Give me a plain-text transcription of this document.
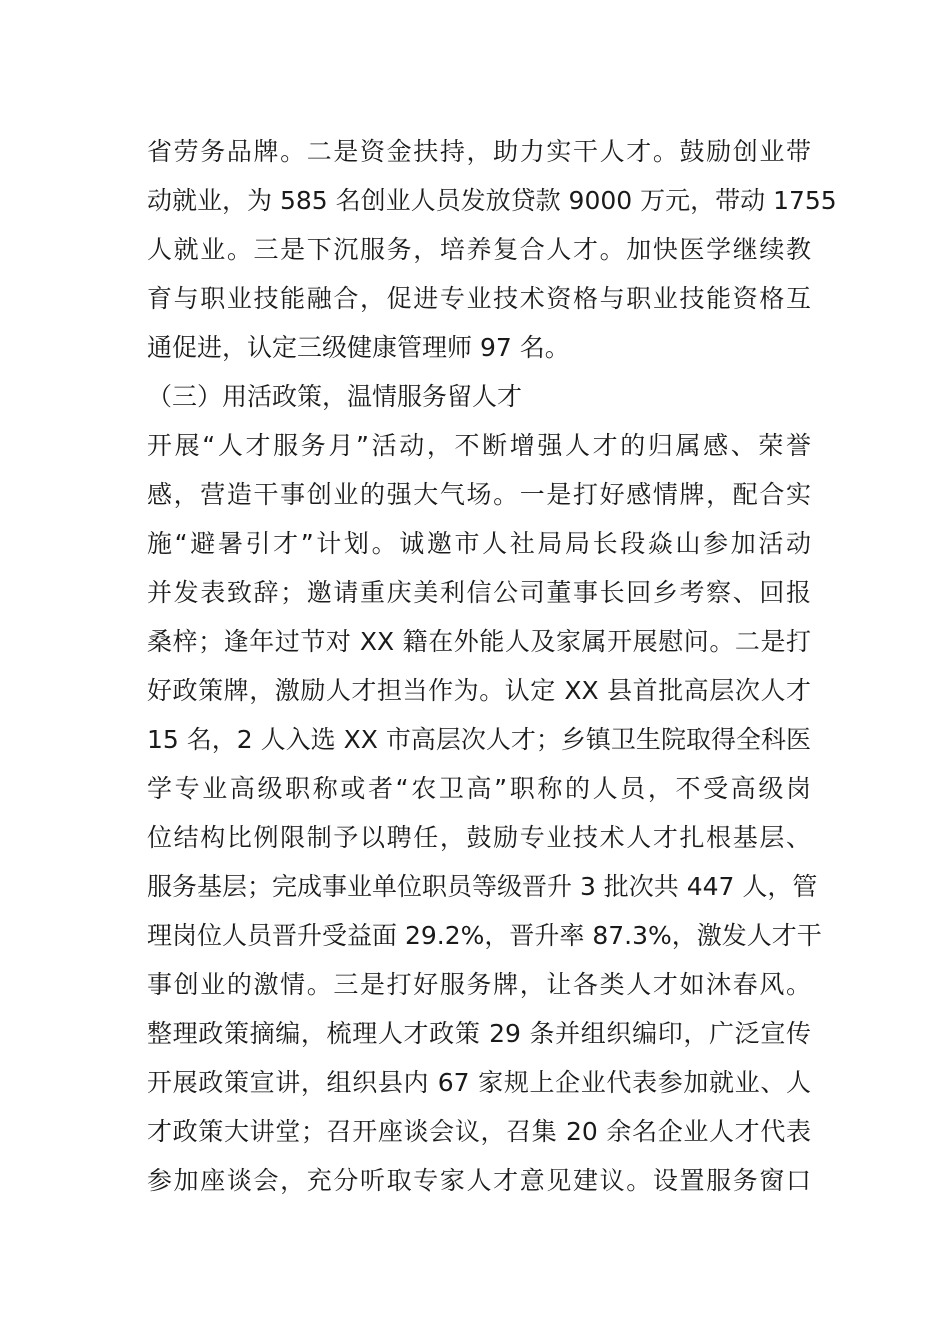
省劳务品牌。二是资金扶持，助力实干人才。鼓励创业带
动就业，为 585 名创业人员发放贷款 9000 万元，带动 1755
人就业。三是下沉服务，培养复合人才。加快医学继续教
育与职业技能融合，促进专业技术资格与职业技能资格互
通促进，认定三级健康管理师 97 名。
（三）用活政策，温情服务留人才
开展“人才服务月”活动，不断增强人才的归属感、荣誉
感，营造干事创业的强大气场。一是打好感情牌，配合实
施“避暑引才”计划。诚邀市人社局局长段焱山参加活动
并发表致辞；邀请重庆美利信公司董事长回乡考察、回报
桑梓；逢年过节对 XX 籍在外能人及家属开展慰问。二是打
好政策牌，激励人才担当作为。认定 XX 县首批高层次人才
15 名，2 人入选 XX 市高层次人才；乡镇卫生院取得全科医
学专业高级职称或者“农卫高”职称的人员，不受高级岗
位结构比例限制予以聘任，鼓励专业技术人才扎根基层、
服务基层；完成事业单位职员等级晋升 3 批次共 447 人，管
理岗位人员晋升受益面 29.2%，晋升率 87.3%，激发人才干
事创业的激情。三是打好服务牌，让各类人才如沐春风。
整理政策摘编，梳理人才政策 29 条并组织编印，广泛宣传
开展政策宣讲，组织县内 67 家规上企业代表参加就业、人
才政策大讲堂；召开座谈会议，召集 20 余名企业人才代表
参加座谈会，充分听取专家人才意见建议。设置服务窗口
